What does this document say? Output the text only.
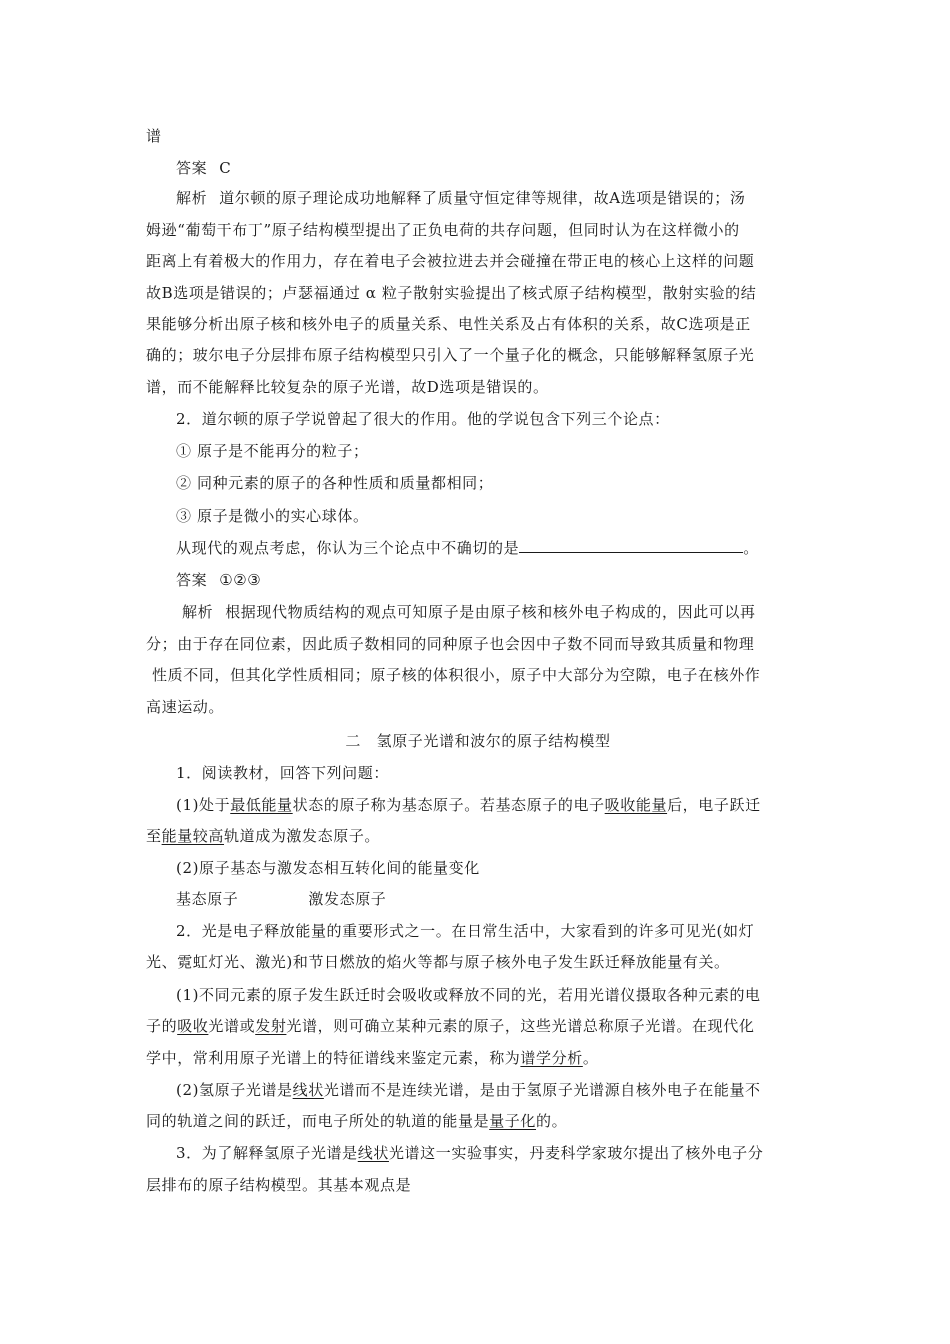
谱
答案 C
解析 道尔顿的原子理论成功地解释了质量守恒定律等规律，故A选项是错误的；汤
姆逊“葡萄干布丁”原子结构模型提出了正负电荷的共存问题，但同时认为在这样微小的
距离上有着极大的作用力，存在着电子会被拉进去并会碰撞在带正电的核心上这样的问题
故B选项是错误的；卢瑟福通过 α 粒子散射实验提出了核式原子结构模型，散射实验的结
果能够分析出原子核和核外电子的质量关系、电性关系及占有体积的关系，故C选项是正
确的；玻尔电子分层排布原子结构模型只引入了一个量子化的概念，只能够解释氢原子光
谱，而不能解释比较复杂的原子光谱，故D选项是错误的。
2．道尔顿的原子学说曾起了很大的作用。他的学说包含下列三个论点：
① 原子是不能再分的粒子；
② 同种元素的原子的各种性质和质量都相同；
③ 原子是微小的实心球体。
从现代的观点考虑，你认为三个论点中不确切的是	。
答案 ①②③
解析 根据现代物质结构的观点可知原子是由原子核和核外电子构成的，因此可以再
分；由于存在同位素，因此质子数相同的同种原子也会因中子数不同而导致其质量和物理
性质不同，但其化学性质相同；原子核的体积很小，原子中大部分为空隙，电子在核外作
高速运动。
二　氢原子光谱和波尔的原子结构模型
1．阅读教材，回答下列问题：
(1)处于最低能量状态的原子称为基态原子。若基态原子的电子吸收能量后，电子跃迁
至能量较高轨道成为激发态原子。
(2)原子基态与激发态相互转化间的能量变化
基态原子	激发态原子
2．光是电子释放能量的重要形式之一。在日常生活中，大家看到的许多可见光(如灯
光、霓虹灯光、激光)和节日燃放的焰火等都与原子核外电子发生跃迁释放能量有关。
(1)不同元素的原子发生跃迁时会吸收或释放不同的光，若用光谱仪摄取各种元素的电
子的吸收光谱或发射光谱，则可确立某种元素的原子，这些光谱总称原子光谱。在现代化
学中，常利用原子光谱上的特征谱线来鉴定元素，称为谱学分析。
(2)氢原子光谱是线状光谱而不是连续光谱，是由于氢原子光谱源自核外电子在能量不
同的轨道之间的跃迁，而电子所处的轨道的能量是量子化的。
3．为了解释氢原子光谱是线状光谱这一实验事实，丹麦科学家玻尔提出了核外电子分
层排布的原子结构模型。其基本观点是
